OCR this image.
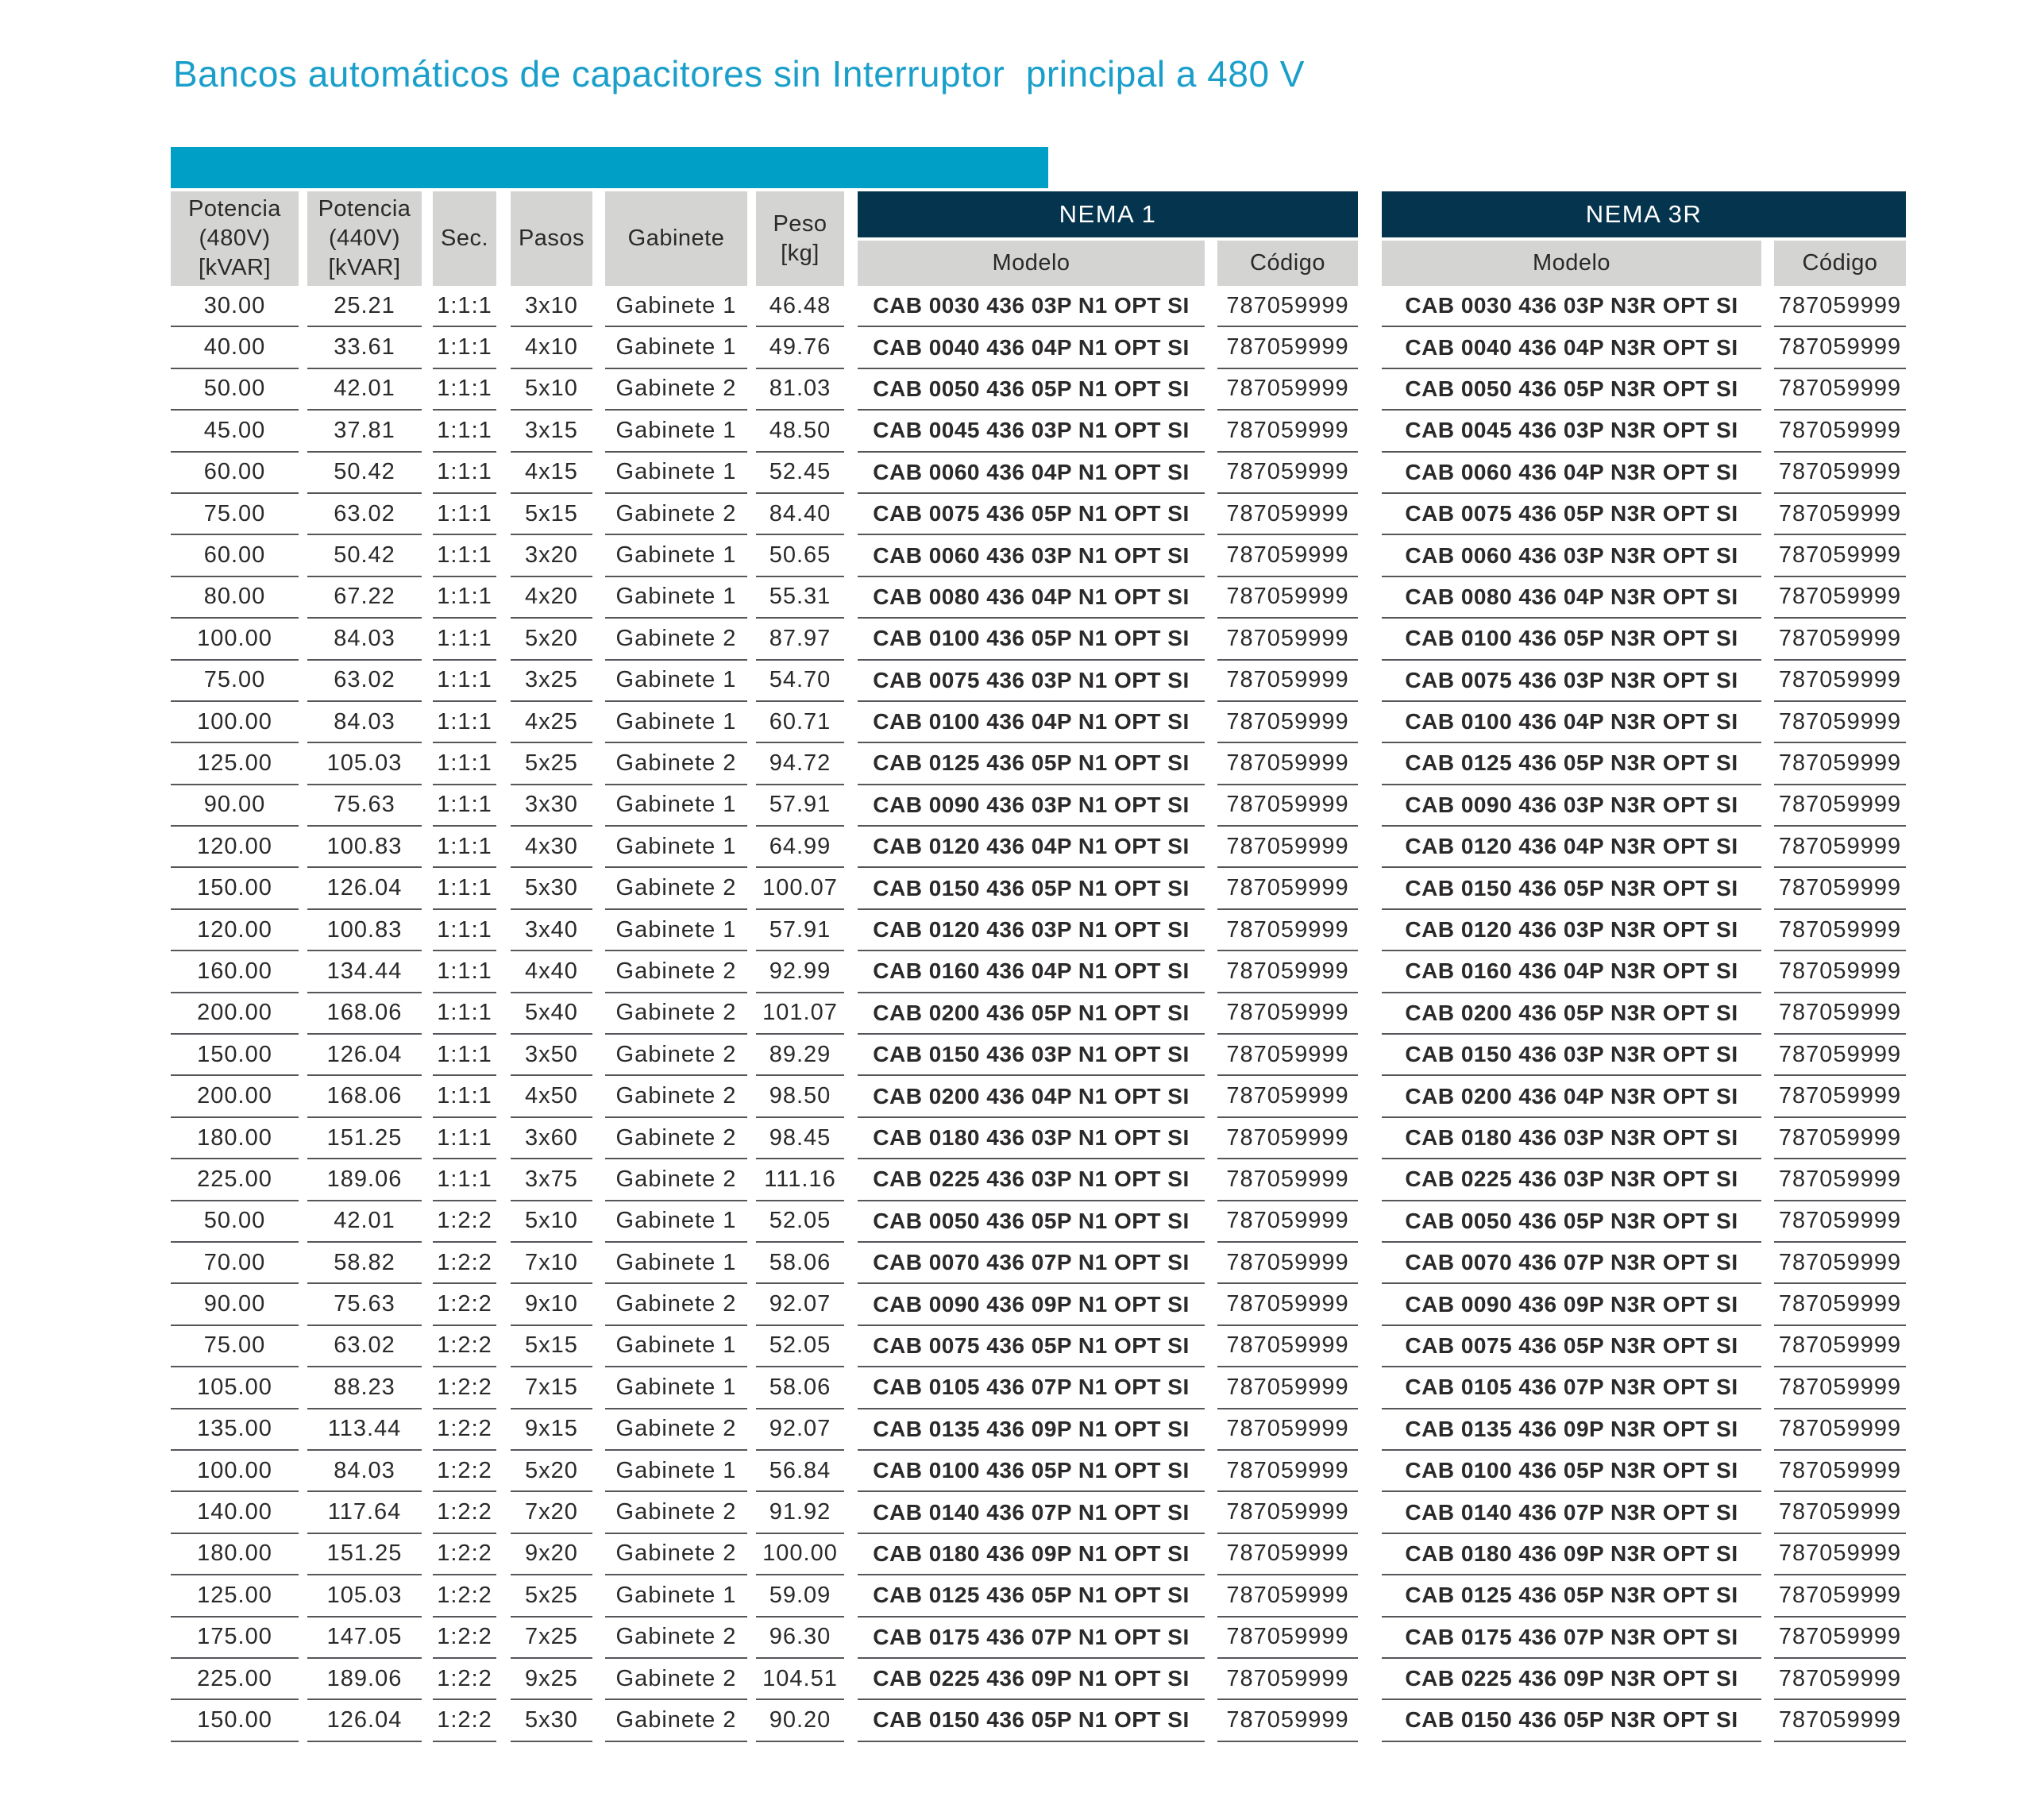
Bancos automáticos de capacitores sin Interruptor  principal a 480 V
Potencia
(480V)
[kVAR]
Potencia
(440V)
[kVAR]
Sec. Pasos Gabinete
Peso
[kg]
NEMA 1
Modelo	Código
NEMA 3R
Modelo	Código
30.00	25.21	1:1:1	3x10	Gabinete 1	46.48	CAB 0030 436 03P N1 OPT SI	787059999	CAB 0030 436 03P N3R OPT SI	787059999
40.00	33.61	1:1:1	4x10	Gabinete 1	49.76	CAB 0040 436 04P N1 OPT SI	787059999	CAB 0040 436 04P N3R OPT SI	787059999
50.00	42.01	1:1:1	5x10	Gabinete 2	81.03	CAB 0050 436 05P N1 OPT SI	787059999	CAB 0050 436 05P N3R OPT SI	787059999
45.00	37.81	1:1:1	3x15	Gabinete 1	48.50	CAB 0045 436 03P N1 OPT SI	787059999	CAB 0045 436 03P N3R OPT SI	787059999
60.00	50.42	1:1:1	4x15	Gabinete 1	52.45	CAB 0060 436 04P N1 OPT SI	787059999	CAB 0060 436 04P N3R OPT SI	787059999
75.00	63.02	1:1:1	5x15	Gabinete 2	84.40	CAB 0075 436 05P N1 OPT SI	787059999	CAB 0075 436 05P N3R OPT SI	787059999
60.00	50.42	1:1:1	3x20	Gabinete 1	50.65	CAB 0060 436 03P N1 OPT SI	787059999	CAB 0060 436 03P N3R OPT SI	787059999
80.00	67.22	1:1:1	4x20	Gabinete 1	55.31	CAB 0080 436 04P N1 OPT SI	787059999	CAB 0080 436 04P N3R OPT SI	787059999
100.00	84.03	1:1:1	5x20	Gabinete 2	87.97	CAB 0100 436 05P N1 OPT SI	787059999	CAB 0100 436 05P N3R OPT SI	787059999
75.00	63.02	1:1:1	3x25	Gabinete 1	54.70	CAB 0075 436 03P N1 OPT SI	787059999	CAB 0075 436 03P N3R OPT SI	787059999
100.00	84.03	1:1:1	4x25	Gabinete 1	60.71	CAB 0100 436 04P N1 OPT SI	787059999	CAB 0100 436 04P N3R OPT SI	787059999
125.00	105.03	1:1:1	5x25	Gabinete 2	94.72	CAB 0125 436 05P N1 OPT SI	787059999	CAB 0125 436 05P N3R OPT SI	787059999
90.00	75.63	1:1:1	3x30	Gabinete 1	57.91	CAB 0090 436 03P N1 OPT SI	787059999	CAB 0090 436 03P N3R OPT SI	787059999
120.00	100.83	1:1:1	4x30	Gabinete 1	64.99	CAB 0120 436 04P N1 OPT SI	787059999	CAB 0120 436 04P N3R OPT SI	787059999
150.00	126.04	1:1:1	5x30	Gabinete 2	100.07	CAB 0150 436 05P N1 OPT SI	787059999	CAB 0150 436 05P N3R OPT SI	787059999
120.00	100.83	1:1:1	3x40	Gabinete 1	57.91	CAB 0120 436 03P N1 OPT SI	787059999	CAB 0120 436 03P N3R OPT SI	787059999
160.00	134.44	1:1:1	4x40	Gabinete 2	92.99	CAB 0160 436 04P N1 OPT SI	787059999	CAB 0160 436 04P N3R OPT SI	787059999
200.00	168.06	1:1:1	5x40	Gabinete 2	101.07	CAB 0200 436 05P N1 OPT SI	787059999	CAB 0200 436 05P N3R OPT SI	787059999
150.00	126.04	1:1:1	3x50	Gabinete 2	89.29	CAB 0150 436 03P N1 OPT SI	787059999	CAB 0150 436 03P N3R OPT SI	787059999
200.00	168.06	1:1:1	4x50	Gabinete 2	98.50	CAB 0200 436 04P N1 OPT SI	787059999	CAB 0200 436 04P N3R OPT SI	787059999
180.00	151.25	1:1:1	3x60	Gabinete 2	98.45	CAB 0180 436 03P N1 OPT SI	787059999	CAB 0180 436 03P N3R OPT SI	787059999
225.00	189.06	1:1:1	3x75	Gabinete 2	111.16	CAB 0225 436 03P N1 OPT SI	787059999	CAB 0225 436 03P N3R OPT SI	787059999
50.00	42.01	1:2:2	5x10	Gabinete 1	52.05	CAB 0050 436 05P N1 OPT SI	787059999	CAB 0050 436 05P N3R OPT SI	787059999
70.00	58.82	1:2:2	7x10	Gabinete 1	58.06	CAB 0070 436 07P N1 OPT SI	787059999	CAB 0070 436 07P N3R OPT SI	787059999
90.00	75.63	1:2:2	9x10	Gabinete 2	92.07	CAB 0090 436 09P N1 OPT SI	787059999	CAB 0090 436 09P N3R OPT SI	787059999
75.00	63.02	1:2:2	5x15	Gabinete 1	52.05	CAB 0075 436 05P N1 OPT SI	787059999	CAB 0075 436 05P N3R OPT SI	787059999
105.00	88.23	1:2:2	7x15	Gabinete 1	58.06	CAB 0105 436 07P N1 OPT SI	787059999	CAB 0105 436 07P N3R OPT SI	787059999
135.00	113.44	1:2:2	9x15	Gabinete 2	92.07	CAB 0135 436 09P N1 OPT SI	787059999	CAB 0135 436 09P N3R OPT SI	787059999
100.00	84.03	1:2:2	5x20	Gabinete 1	56.84	CAB 0100 436 05P N1 OPT SI	787059999	CAB 0100 436 05P N3R OPT SI	787059999
140.00	117.64	1:2:2	7x20	Gabinete 2	91.92	CAB 0140 436 07P N1 OPT SI	787059999	CAB 0140 436 07P N3R OPT SI	787059999
180.00	151.25	1:2:2	9x20	Gabinete 2	100.00	CAB 0180 436 09P N1 OPT SI	787059999	CAB 0180 436 09P N3R OPT SI	787059999
125.00	105.03	1:2:2	5x25	Gabinete 1	59.09	CAB 0125 436 05P N1 OPT SI	787059999	CAB 0125 436 05P N3R OPT SI	787059999
175.00	147.05	1:2:2	7x25	Gabinete 2	96.30	CAB 0175 436 07P N1 OPT SI	787059999	CAB 0175 436 07P N3R OPT SI	787059999
225.00	189.06	1:2:2	9x25	Gabinete 2	104.51	CAB 0225 436 09P N1 OPT SI	787059999	CAB 0225 436 09P N3R OPT SI	787059999
150.00	126.04	1:2:2	5x30	Gabinete 2	90.20	CAB 0150 436 05P N1 OPT SI	787059999	CAB 0150 436 05P N3R OPT SI	787059999
